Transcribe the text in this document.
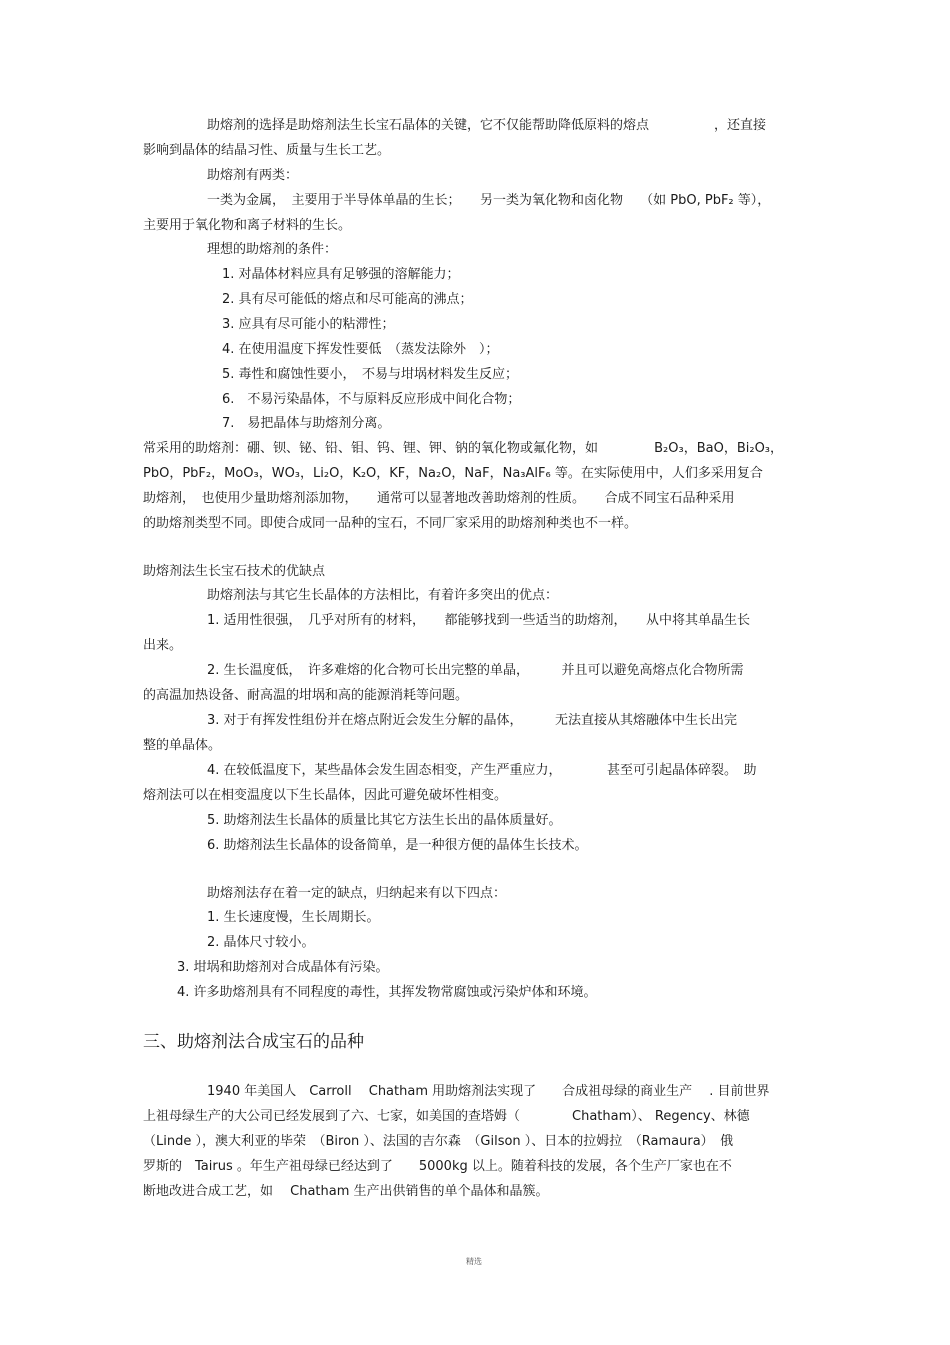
助熔剂的选择是助熔剂法生长宝石晶体的关键，它不仅能帮助降低原料的熔点　　　　　，还直接
影响到晶体的结晶习性、质量与生长工艺。
助熔剂有两类：
一类为金属，　主要用于半导体单晶的生长；　　另一类为氧化物和卤化物　 （如 PbO, PbF₂ 等），
主要用于氧化物和离子材料的生长。
理想的助熔剂的条件：
1. 对晶体材料应具有足够强的溶解能力；
2. 具有尽可能低的熔点和尽可能高的沸点；
3. 应具有尽可能小的粘滞性；
4. 在使用温度下挥发性要低　（蒸发法除外　）；
5. 毒性和腐蚀性要小，　不易与坩埚材料发生反应；
6.　不易污染晶体，不与原料反应形成中间化合物；
7.　易把晶体与助熔剂分离。
常采用的助熔剂：硼、钡、铋、铅、钼、钨、锂、钾、钠的氧化物或氟化物，如　　　　 B₂O₃，BaO，Bi₂O₃，
PbO，PbF₂，MoO₃，WO₃，Li₂O，K₂O，KF，Na₂O，NaF，Na₃AlF₆ 等。在实际使用中，人们多采用复合
助熔剂，　也使用少量助熔剂添加物，　　通常可以显著地改善助熔剂的性质。　　合成不同宝石品种采用
的助熔剂类型不同。即使合成同一品种的宝石，不同厂家采用的助熔剂种类也不一样。
助熔剂法生长宝石技术的优缺点
助熔剂法与其它生长晶体的方法相比，有着许多突出的优点：
1. 适用性很强，　几乎对所有的材料，　　都能够找到一些适当的助熔剂，　　从中将其单晶生长
出来。
2. 生长温度低，　许多难熔的化合物可长出完整的单晶，　　　并且可以避免高熔点化合物所需
的高温加热设备、耐高温的坩埚和高的能源消耗等问题。
3. 对于有挥发性组份并在熔点附近会发生分解的晶体，　　　无法直接从其熔融体中生长出完
整的单晶体。
4. 在较低温度下，某些晶体会发生固态相变，产生严重应力，　　　　甚至可引起晶体碎裂。　助
熔剂法可以在相变温度以下生长晶体，因此可避免破坏性相变。
5. 助熔剂法生长晶体的质量比其它方法生长出的晶体质量好。
6. 助熔剂法生长晶体的设备简单，是一种很方便的晶体生长技术。
助熔剂法存在着一定的缺点，归纳起来有以下四点：
1. 生长速度慢，生长周期长。
2. 晶体尺寸较小。
3. 坩埚和助熔剂对合成晶体有污染。
4. 许多助熔剂具有不同程度的毒性，其挥发物常腐蚀或污染炉体和环境。
三、助熔剂法合成宝石的品种
1940 年美国人　Carroll　 Chatham 用助熔剂法实现了　　合成祖母绿的商业生产　 . 目前世界
上祖母绿生产的大公司已经发展到了六、七家，如美国的查塔姆（　　　　Chatham）、 Regency、林德
（Linde ），澳大利亚的毕荣　（Biron ）、法国的吉尔森　（Gilson ）、日本的拉姆拉　（Ramaura）　俄
罗斯的　Tairus 。年生产祖母绿已经达到了　　5000kg 以上。随着科技的发展，各个生产厂家也在不
断地改进合成工艺，如　 Chatham 生产出供销售的单个晶体和晶簇。
精选
